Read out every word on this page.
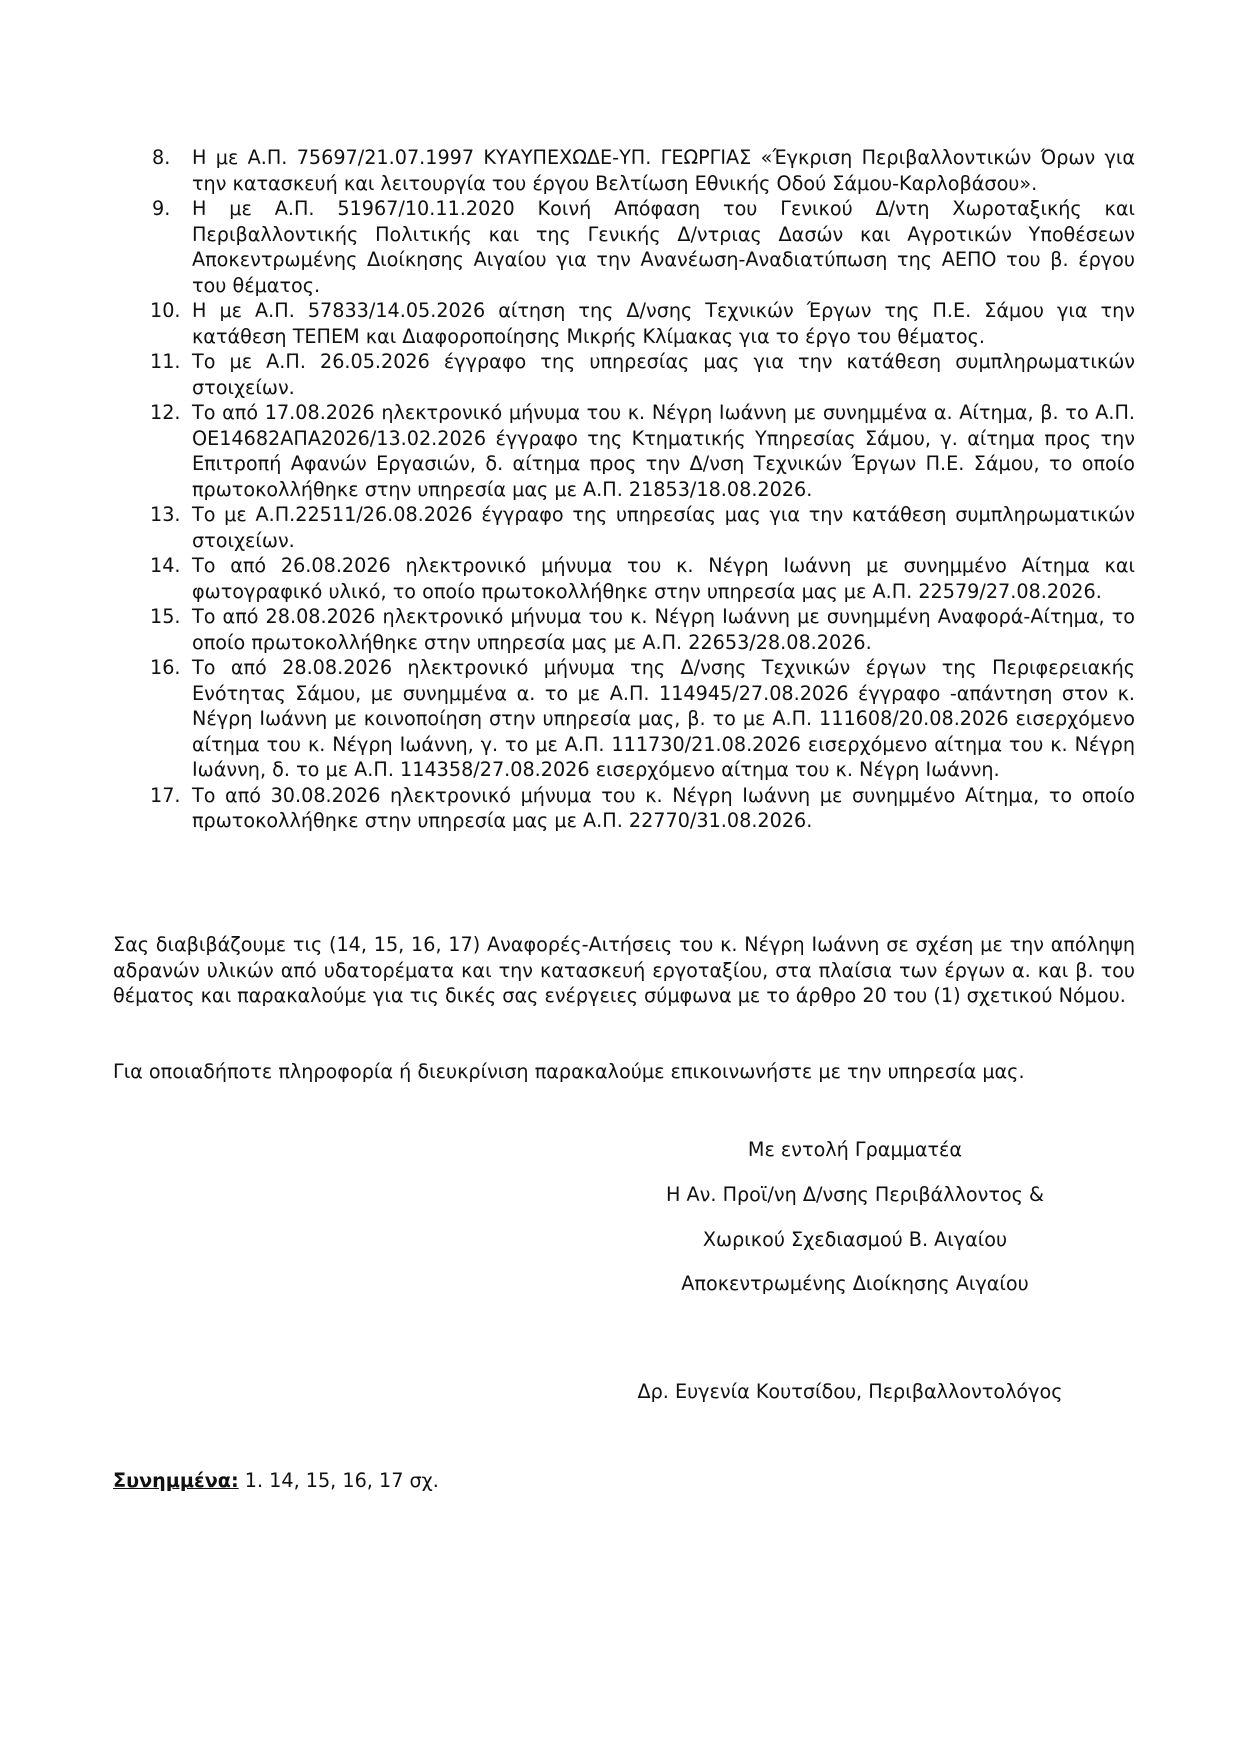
8.	Η με Α.Π. 75697/21.07.1997 ΚΥΑΥΠΕΧΩΔΕ-ΥΠ. ΓΕΩΡΓΙΑΣ «Έγκριση Περιβαλλοντικών Όρων για την κατασκευή και λειτουργία του έργου Βελτίωση Εθνικής Οδού Σάμου-Καρλοβάσου».
9.	Η με Α.Π. 51967/10.11.2020 Κοινή Απόφαση του Γενικού Δ/ντη Χωροταξικής και Περιβαλλοντικής Πολιτικής και της Γενικής Δ/ντριας Δασών και Αγροτικών Υποθέσεων Αποκεντρωμένης Διοίκησης Αιγαίου για την Ανανέωση-Αναδιατύπωση της ΑΕΠΟ του β. έργου του θέματος.
10. Η με Α.Π. 57833/14.05.2026 αίτηση της Δ/νσης Τεχνικών Έργων της Π.Ε. Σάμου για την κατάθεση ΤΕΠΕΜ και Διαφοροποίησης Μικρής Κλίμακας για το έργο του θέματος.
11. Το με Α.Π. 26.05.2026 έγγραφο της υπηρεσίας μας για την κατάθεση συμπληρωματικών στοιχείων.
12. Το από 17.08.2026 ηλεκτρονικό μήνυμα του κ. Νέγρη Ιωάννη με συνημμένα α. Αίτημα, β. το Α.Π. ΟΕ14682ΑΠΑ2026/13.02.2026 έγγραφο της Κτηματικής Υπηρεσίας Σάμου, γ. αίτημα προς την Επιτροπή Αφανών Εργασιών, δ. αίτημα προς την Δ/νση Τεχνικών Έργων Π.Ε. Σάμου, το οποίο πρωτοκολλήθηκε στην υπηρεσία μας με Α.Π. 21853/18.08.2026.
13. Το με Α.Π.22511/26.08.2026 έγγραφο της υπηρεσίας μας για την κατάθεση συμπληρωματικών στοιχείων.
14. Το από 26.08.2026 ηλεκτρονικό μήνυμα του κ. Νέγρη Ιωάννη με συνημμένο Αίτημα και φωτογραφικό υλικό, το οποίο πρωτοκολλήθηκε στην υπηρεσία μας με Α.Π. 22579/27.08.2026.
15. Το από 28.08.2026 ηλεκτρονικό μήνυμα του κ. Νέγρη Ιωάννη με συνημμένη Αναφορά-Αίτημα, το οποίο πρωτοκολλήθηκε στην υπηρεσία μας με Α.Π. 22653/28.08.2026.
16. Το από 28.08.2026 ηλεκτρονικό μήνυμα της Δ/νσης Τεχνικών έργων της Περιφερειακής Ενότητας Σάμου, με συνημμένα α. το με Α.Π. 114945/27.08.2026 έγγραφο -απάντηση στον κ. Νέγρη Ιωάννη με κοινοποίηση στην υπηρεσία μας, β. το με Α.Π. 111608/20.08.2026 εισερχόμενο αίτημα του κ. Νέγρη Ιωάννη, γ. το με Α.Π. 111730/21.08.2026 εισερχόμενο αίτημα του κ. Νέγρη Ιωάννη, δ. το με Α.Π. 114358/27.08.2026 εισερχόμενο αίτημα του κ. Νέγρη Ιωάννη.
17. Το από 30.08.2026 ηλεκτρονικό μήνυμα του κ. Νέγρη Ιωάννη με συνημμένο Αίτημα, το οποίο πρωτοκολλήθηκε στην υπηρεσία μας με Α.Π. 22770/31.08.2026.

Σας διαβιβάζουμε τις (14, 15, 16, 17) Αναφορές-Αιτήσεις του κ. Νέγρη Ιωάννη σε σχέση με την απόληψη αδρανών υλικών από υδατορέματα και την κατασκευή εργοταξίου, στα πλαίσια των έργων α. και β. του θέματος και παρακαλούμε για τις δικές σας ενέργειες σύμφωνα με το άρθρο 20 του (1) σχετικού Νόμου.

Για οποιαδήποτε πληροφορία ή διευκρίνιση παρακαλούμε επικοινωνήστε με την υπηρεσία μας.

Με εντολή Γραμματέα

Η Αν. Προϊ/νη Δ/νσης Περιβάλλοντος &

Χωρικού Σχεδιασμού Β. Αιγαίου

Αποκεντρωμένης Διοίκησης Αιγαίου

Δρ. Ευγενία Κουτσίδου, Περιβαλλοντολόγος

Συνημμένα: 1. 14, 15, 16, 17 σχ.
